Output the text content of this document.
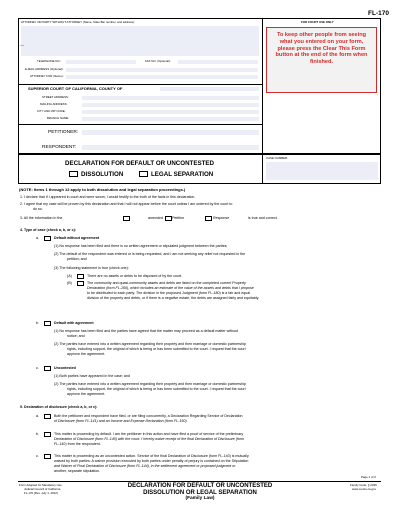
FL-170
ATTORNEY OR PARTY WITHOUT ATTORNEY (Name, State Bar number, and address):
—
TELEPHONE NO.:	FAX NO. (Optional):
E-MAIL ADDRESS (Optional):
ATTORNEY FOR (Name):
FOR COURT USE ONLY
To keep other people from seeing what you entered on your form, please press the Clear This Form button at the end of the form when finished.
SUPERIOR COURT OF CALIFORNIA, COUNTY OF
STREET ADDRESS:
MAILING ADDRESS:
CITY AND ZIP CODE:
BRANCH NAME:
PETITIONER:
RESPONDENT:
DECLARATION FOR DEFAULT OR UNCONTESTED
DISSOLUTION	LEGAL SEPARATION
CASE NUMBER:
(NOTE: Items 1 through 12 apply to both dissolution and legal separation proceedings.)
1. I declare that if I appeared in court and were sworn, I would testify to the truth of the facts in this declaration.
2. I agree that my case will be proven by this declaration and that I will not appear before the court unless I am ordered by the court to
do so.
3. All the information in the	amended	Petition	Response	is true and correct.
4. Type of case (check a, b, or c):
a.	Default without agreement
(1) No response has been filed and there is no written agreement or stipulated judgment between the parties;
(2) The default of the respondent was entered or is being requested, and I am not seeking any relief not requested in the
petition; and
(3) The following statement is true (check one):
(A)	There are no assets or debts to be disposed of by the court.
(B)	The community and quasi-community assets and debts are listed on the completed current Property
Declaration (form FL-160), which includes an estimate of the value of the assets and debts that I propose
to be distributed to each party. The division in the proposed Judgment (form FL-180) is a fair and equal
division of the property and debts, or if there is a negative estate, the debts are assigned fairly and equitably.
b.	Default with agreement
(1) No response has been filed and the parties have agreed that the matter may proceed as a default matter without
notice; and
(2) The parties have entered into a written agreement regarding their property and their marriage or domestic partnership
rights, including support, the original of which is being or has been submitted to the court. I request that the court
approve the agreement.
c.	Uncontested
(1) Both parties have appeared in the case; and
(2) The parties have entered into a written agreement regarding their property and their marriage or domestic partnership
rights, including support, the original of which is being or has been submitted to the court. I request that the court
approve the agreement.
5. Declaration of disclosure (check a, b, or c):
a.	Both the petitioner and respondent have filed, or are filing concurrently, a Declaration Regarding Service of Declaration
of Disclosure (form FL-141) and an Income and Expense Declaration (form FL-150).
b.	This matter is proceeding by default. I am the petitioner in this action and have filed a proof of service of the preliminary
Declaration of Disclosure (form FL-140) with the court. I hereby waive receipt of the final Declaration of Disclosure (form
FL-140) from the respondent.
c.	This matter is proceeding as an uncontested action. Service of the final Declaration of Disclosure (form FL-140) is mutually
waived by both parties. A waiver provision executed by both parties under penalty of perjury is contained on the Stipulation
and Waiver of Final Declaration of Disclosure (form FL-144), in the settlement agreement or proposed judgment or
another, separate stipulation.
Page 1 of 3
Form Adopted for Mandatory Use
Judicial Council of California
FL-170 [Rev. July 1, 2012]
DECLARATION FOR DEFAULT OR UNCONTESTED
DISSOLUTION OR LEGAL SEPARATION
(Family Law)
Family Code, § 2336
www.courts.ca.gov
